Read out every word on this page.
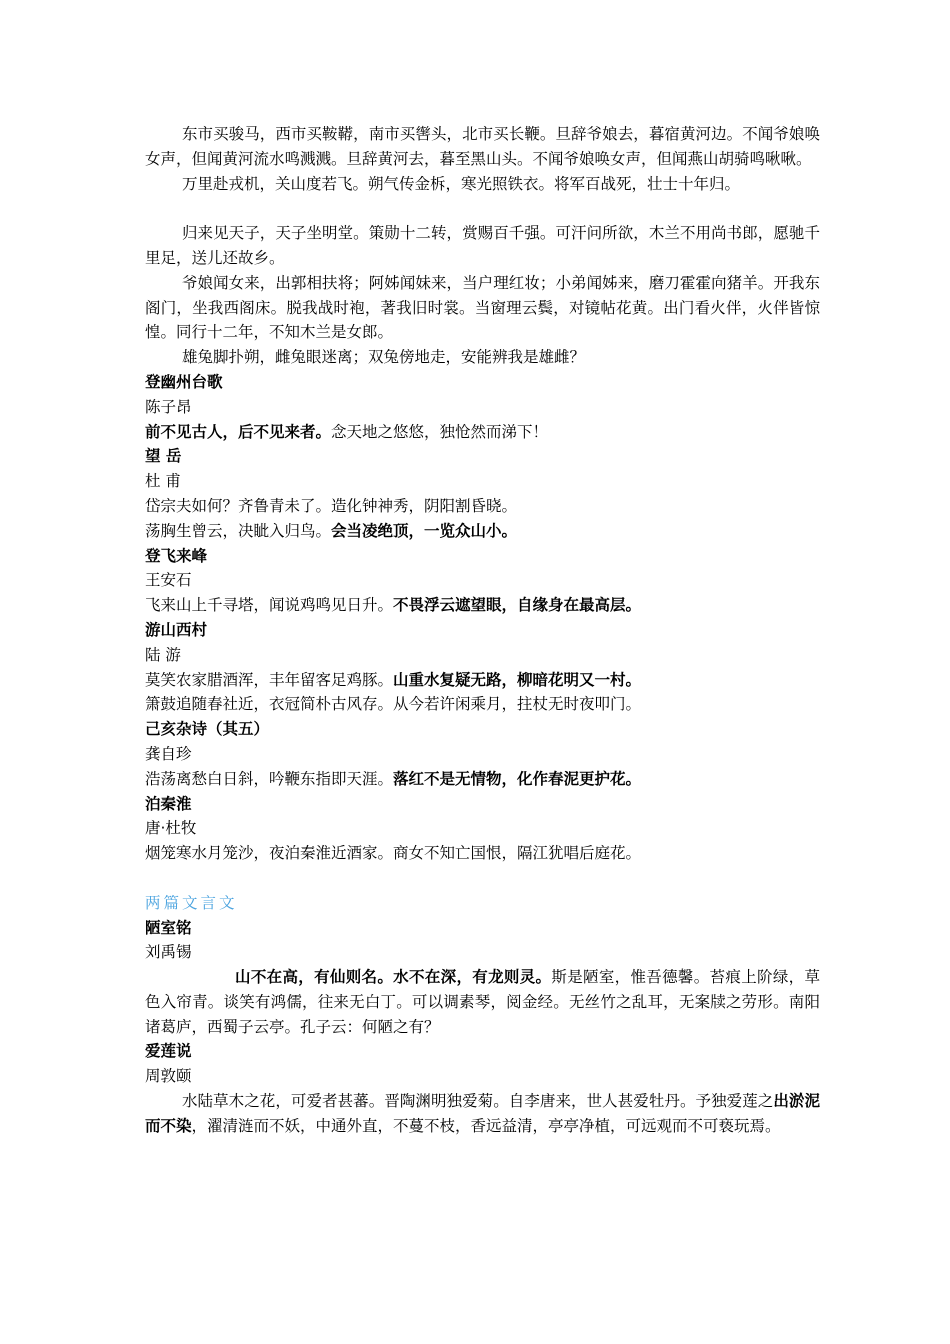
东市买骏马，西市买鞍鞯，南市买辔头，北市买长鞭。旦辞爷娘去，暮宿黄河边。不闻爷娘唤女声，但闻黄河流水鸣溅溅。旦辞黄河去，暮至黑山头。不闻爷娘唤女声，但闻燕山胡骑鸣啾啾。

万里赴戎机，关山度若飞。朔气传金柝，寒光照铁衣。将军百战死，壮士十年归。

归来见天子，天子坐明堂。策勋十二转，赏赐百千强。可汗问所欲，木兰不用尚书郎，愿驰千里足，送儿还故乡。

爷娘闻女来，出郭相扶将；阿姊闻妹来，当户理红妆；小弟闻姊来，磨刀霍霍向猪羊。开我东阁门，坐我西阁床。脱我战时袍，著我旧时裳。当窗理云鬓，对镜帖花黄。出门看火伴，火伴皆惊惶。同行十二年，不知木兰是女郎。

雄兔脚扑朔，雌兔眼迷离；双兔傍地走，安能辨我是雄雌？

登幽州台歌

陈子昂

前不见古人，后不见来者。念天地之悠悠，独怆然而涕下！

望 岳

杜 甫

岱宗夫如何？齐鲁青未了。造化钟神秀，阴阳割昏晓。

荡胸生曾云，决眦入归鸟。会当凌绝顶，一览众山小。

登飞来峰

王安石

飞来山上千寻塔，闻说鸡鸣见日升。不畏浮云遮望眼，自缘身在最高层。

游山西村

陆 游

莫笑农家腊酒浑，丰年留客足鸡豚。山重水复疑无路，柳暗花明又一村。

箫鼓追随春社近，衣冠简朴古风存。从今若许闲乘月，拄杖无时夜叩门。

己亥杂诗（其五）

龚自珍

浩荡离愁白日斜，吟鞭东指即天涯。落红不是无情物，化作春泥更护花。

泊秦淮

唐·杜牧

烟笼寒水月笼沙，夜泊秦淮近酒家。商女不知亡国恨，隔江犹唱后庭花。

两篇文言文

陋室铭

刘禹锡

山不在高，有仙则名。水不在深，有龙则灵。斯是陋室，惟吾德馨。苔痕上阶绿，草色入帘青。谈笑有鸿儒，往来无白丁。可以调素琴，阅金经。无丝竹之乱耳，无案牍之劳形。南阳诸葛庐，西蜀子云亭。孔子云：何陋之有？

爱莲说

周敦颐

水陆草木之花，可爱者甚蕃。晋陶渊明独爱菊。自李唐来，世人甚爱牡丹。予独爱莲之出淤泥而不染，濯清涟而不妖，中通外直，不蔓不枝，香远益清，亭亭净植，可远观而不可亵玩焉。
